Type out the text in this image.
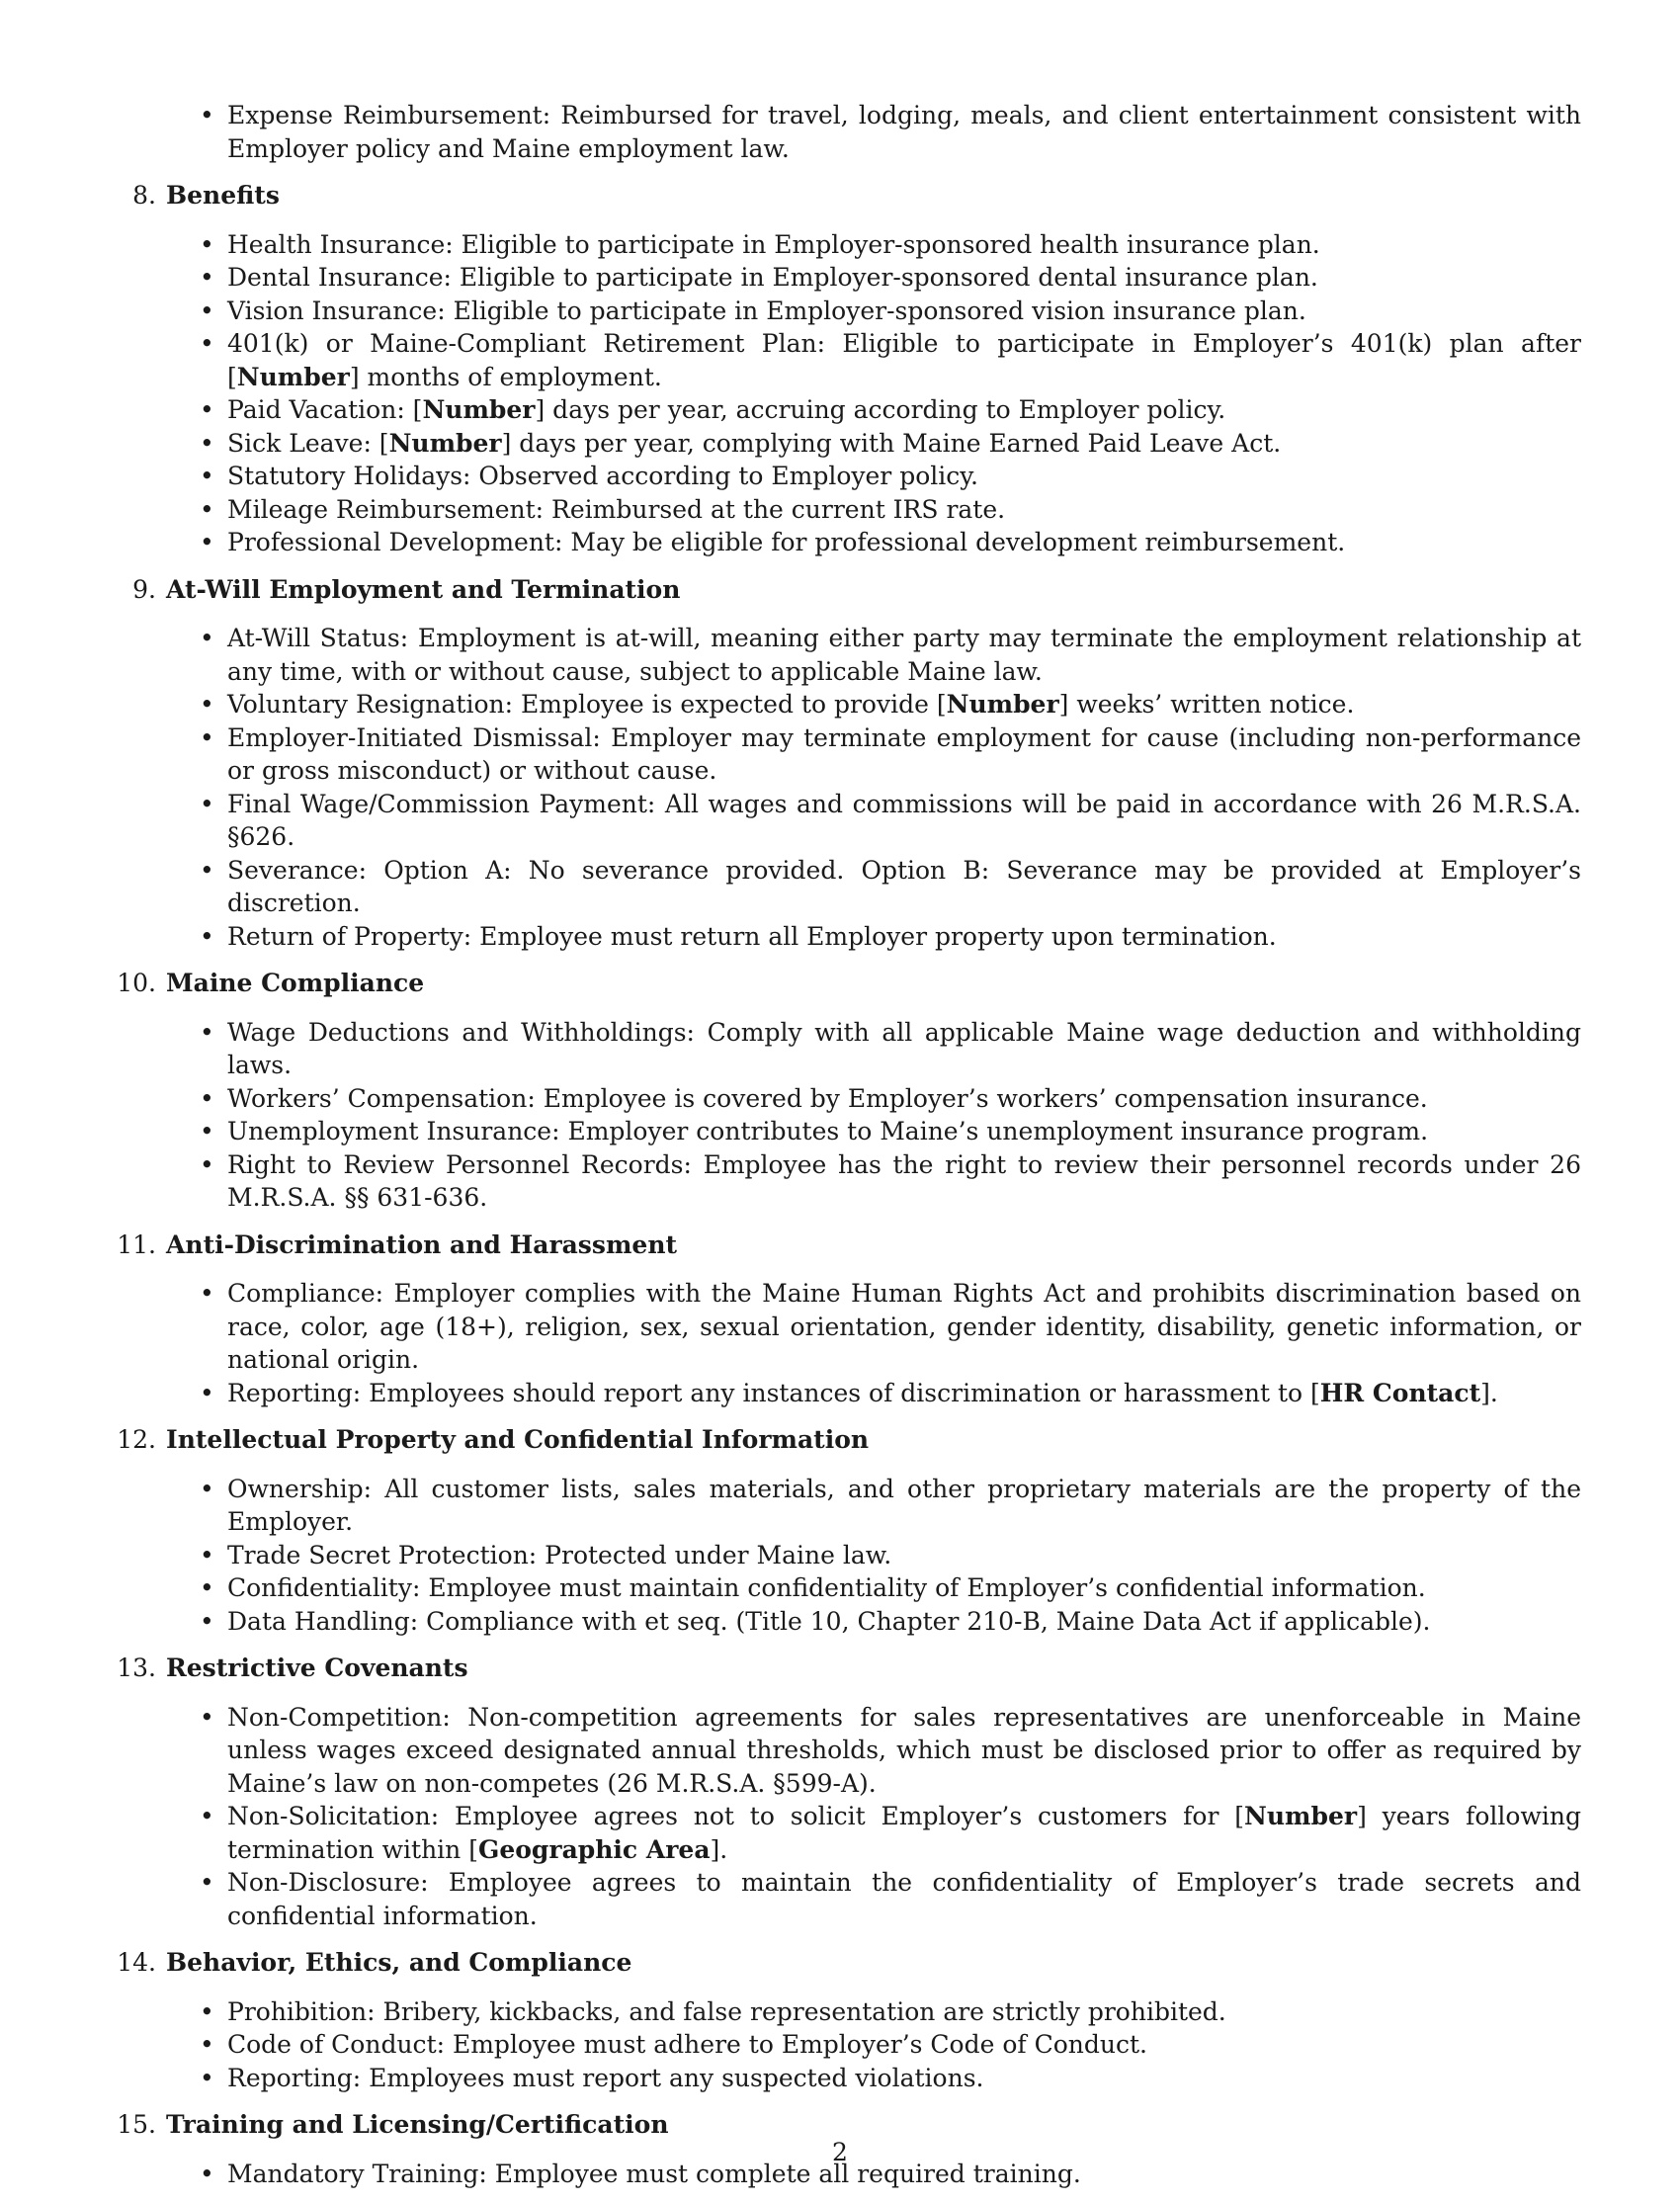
• Expense Reimbursement: Reimbursed for travel, lodging, meals, and client entertainment consistent with Employer policy and Maine employment law.
8. Benefits
• Health Insurance: Eligible to participate in Employer-sponsored health insurance plan.
• Dental Insurance: Eligible to participate in Employer-sponsored dental insurance plan.
• Vision Insurance: Eligible to participate in Employer-sponsored vision insurance plan.
• 401(k) or Maine-Compliant Retirement Plan: Eligible to participate in Employer’s 401(k) plan after [Number] months of employment.
• Paid Vacation: [Number] days per year, accruing according to Employer policy.
• Sick Leave: [Number] days per year, complying with Maine Earned Paid Leave Act.
• Statutory Holidays: Observed according to Employer policy.
• Mileage Reimbursement: Reimbursed at the current IRS rate.
• Professional Development: May be eligible for professional development reimbursement.
9. At-Will Employment and Termination
• At-Will Status: Employment is at-will, meaning either party may terminate the employment relationship at any time, with or without cause, subject to applicable Maine law.
• Voluntary Resignation: Employee is expected to provide [Number] weeks’ written notice.
• Employer-Initiated Dismissal: Employer may terminate employment for cause (including non-performance or gross misconduct) or without cause.
• Final Wage/Commission Payment: All wages and commissions will be paid in accordance with 26 M.R.S.A. §626.
• Severance: Option A: No severance provided. Option B: Severance may be provided at Employer’s discretion.
• Return of Property: Employee must return all Employer property upon termination.
10. Maine Compliance
• Wage Deductions and Withholdings: Comply with all applicable Maine wage deduction and withholding laws.
• Workers’ Compensation: Employee is covered by Employer’s workers’ compensation insurance.
• Unemployment Insurance: Employer contributes to Maine’s unemployment insurance program.
• Right to Review Personnel Records: Employee has the right to review their personnel records under 26 M.R.S.A. §§ 631-636.
11. Anti-Discrimination and Harassment
• Compliance: Employer complies with the Maine Human Rights Act and prohibits discrimination based on race, color, age (18+), religion, sex, sexual orientation, gender identity, disability, genetic information, or national origin.
• Reporting: Employees should report any instances of discrimination or harassment to [HR Contact].
12. Intellectual Property and Confidential Information
• Ownership: All customer lists, sales materials, and other proprietary materials are the property of the Employer.
• Trade Secret Protection: Protected under Maine law.
• Confidentiality: Employee must maintain confidentiality of Employer’s confidential information.
• Data Handling: Compliance with et seq. (Title 10, Chapter 210-B, Maine Data Act if applicable).
13. Restrictive Covenants
• Non-Competition: Non-competition agreements for sales representatives are unenforceable in Maine unless wages exceed designated annual thresholds, which must be disclosed prior to offer as required by Maine’s law on non-competes (26 M.R.S.A. §599-A).
• Non-Solicitation: Employee agrees not to solicit Employer’s customers for [Number] years following termination within [Geographic Area].
• Non-Disclosure: Employee agrees to maintain the confidentiality of Employer’s trade secrets and confidential information.
14. Behavior, Ethics, and Compliance
• Prohibition: Bribery, kickbacks, and false representation are strictly prohibited.
• Code of Conduct: Employee must adhere to Employer’s Code of Conduct.
• Reporting: Employees must report any suspected violations.
15. Training and Licensing/Certification
• Mandatory Training: Employee must complete all required training.
2
